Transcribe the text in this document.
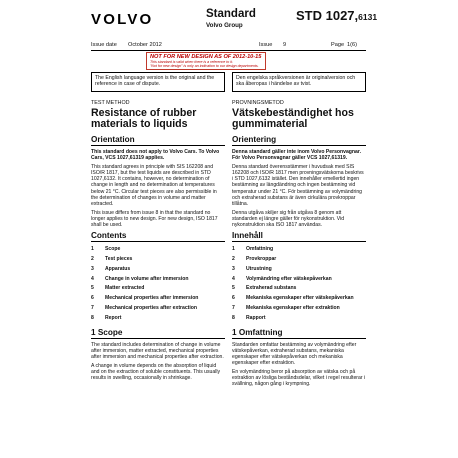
VOLVO	Standard
Volvo Group
STD 1027,6131
Issue date October 2012	Issue 9	Page 1(6)
NOT FOR NEW DESIGN AS OF 2012-10-15
This standard is valid when there is a reference to it.
"Not for new design" is only an indication to our design departments.
The English language version is the original and the reference in case of dispute.
Den engelska språkversionen är originalversion och ska åberopas i händelse av tvist.
TEST METHOD
Resistance of rubber materials to liquids
Orientation
This standard does not apply to Volvo Cars. To Volvo Cars, VCS 1027,61319 applies.
This standard agrees in principle with SIS 162208 and ISO/R 1817, but the test liquids are described in STD 1027,6132. It contains, however, no determination of change in length and no determination at temperatures below 21 °C. Circular test pieces are also permissible in the determination of changes in volume and matter extracted.
This issue differs from issue 8 in that the standard no longer applies to new design. For new design, ISO 1817 shall be used.
Contents
1	Scope
2	Test pieces
3	Apparatus
4	Change in volume after immersion
5	Matter extracted
6	Mechanical properties after immersion
7	Mechanical properties after extraction
8	Report
1 Scope
The standard includes determination of change in volume after immersion, matter extracted, mechanical properties after immersion and mechanical properties after extraction.
A change in volume depends on the absorption of liquid and on the extraction of soluble constituents. This usually results in swelling, occasionally in shrinkage.
PROVNINGSMETOD
Vätskebeständighet hos gummimaterial
Orientering
Denna standard gäller inte inom Volvo Personvagnar. För Volvo Personvagnar gäller VCS 1027,61319.
Denna standard överensstämmer i huvudsak med SIS 162208 och ISO/R 1817 men provningsvätskorna beskrivs i STD 1027,6132 istället. Den innehåller emellertid ingen bestämning av längdändring och ingen bestämning vid temperatur under 21 °C. För bestämning av volymändring och extraherad substans är även cirkulära provkroppar tillåtna.
Denna utgåva skiljer sig från utgåva 8 genom att standarden ej längre gäller för nykonstruktion. Vid nykonstruktion ska ISO 1817 användas.
Innehåll
1	Omfattning
2	Provkroppar
3	Utrustning
4	Volymändring efter vätskepåverkan
5	Extraherad substans
6	Mekaniska egenskaper efter vätskepåverkan
7	Mekaniska egenskaper efter extraktion
8	Rapport
1 Omfattning
Standarden omfattar bestämning av volymändring efter vätskepåverkan, extraherad substans, mekaniska egenskaper efter vätskepåverkan och mekaniska egenskaper efter extraktion.
En volymändring beror på absorption av vätska och på extraktion av lösliga beståndsdelar, vilket i regel resulterar i svällning, någon gång i krympning.
